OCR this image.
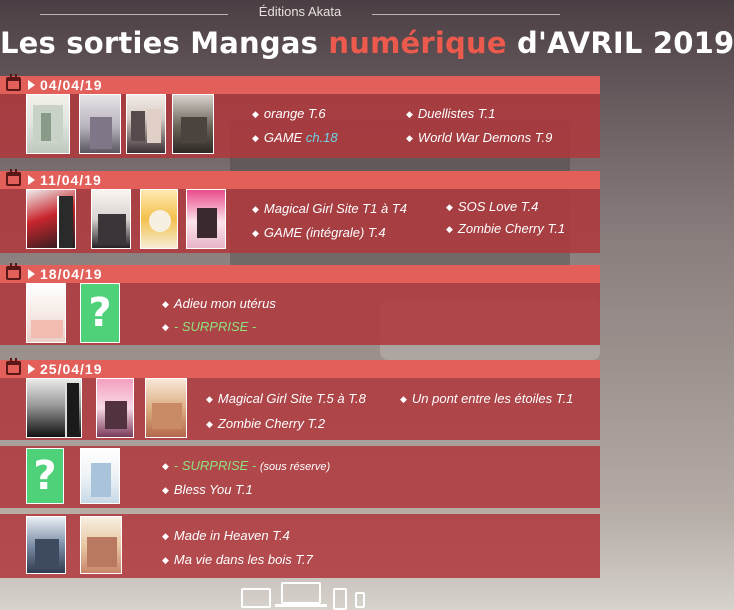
Éditions Akata
Les sorties Mangas numérique d'AVRIL 2019
04/04/19
◆ orange T.6	◆ Duellistes T.1
◆ GAME ch.18	◆ World War Demons T.9
11/04/19
◆ Magical Girl Site T1 à T4	◆ SOS Love T.4
◆ GAME (intégrale) T.4	◆ Zombie Cherry T.1
18/04/19
?	◆ Adieu mon utérus
◆ - SURPRISE -
25/04/19
◆ Magical Girl Site T.5 à T.8	◆ Un pont entre les étoiles T.1
◆ Zombie Cherry T.2
?	◆ - SURPRISE - (sous réserve)
◆ Bless You T.1
◆ Made in Heaven T.4
◆ Ma vie dans les bois T.7
